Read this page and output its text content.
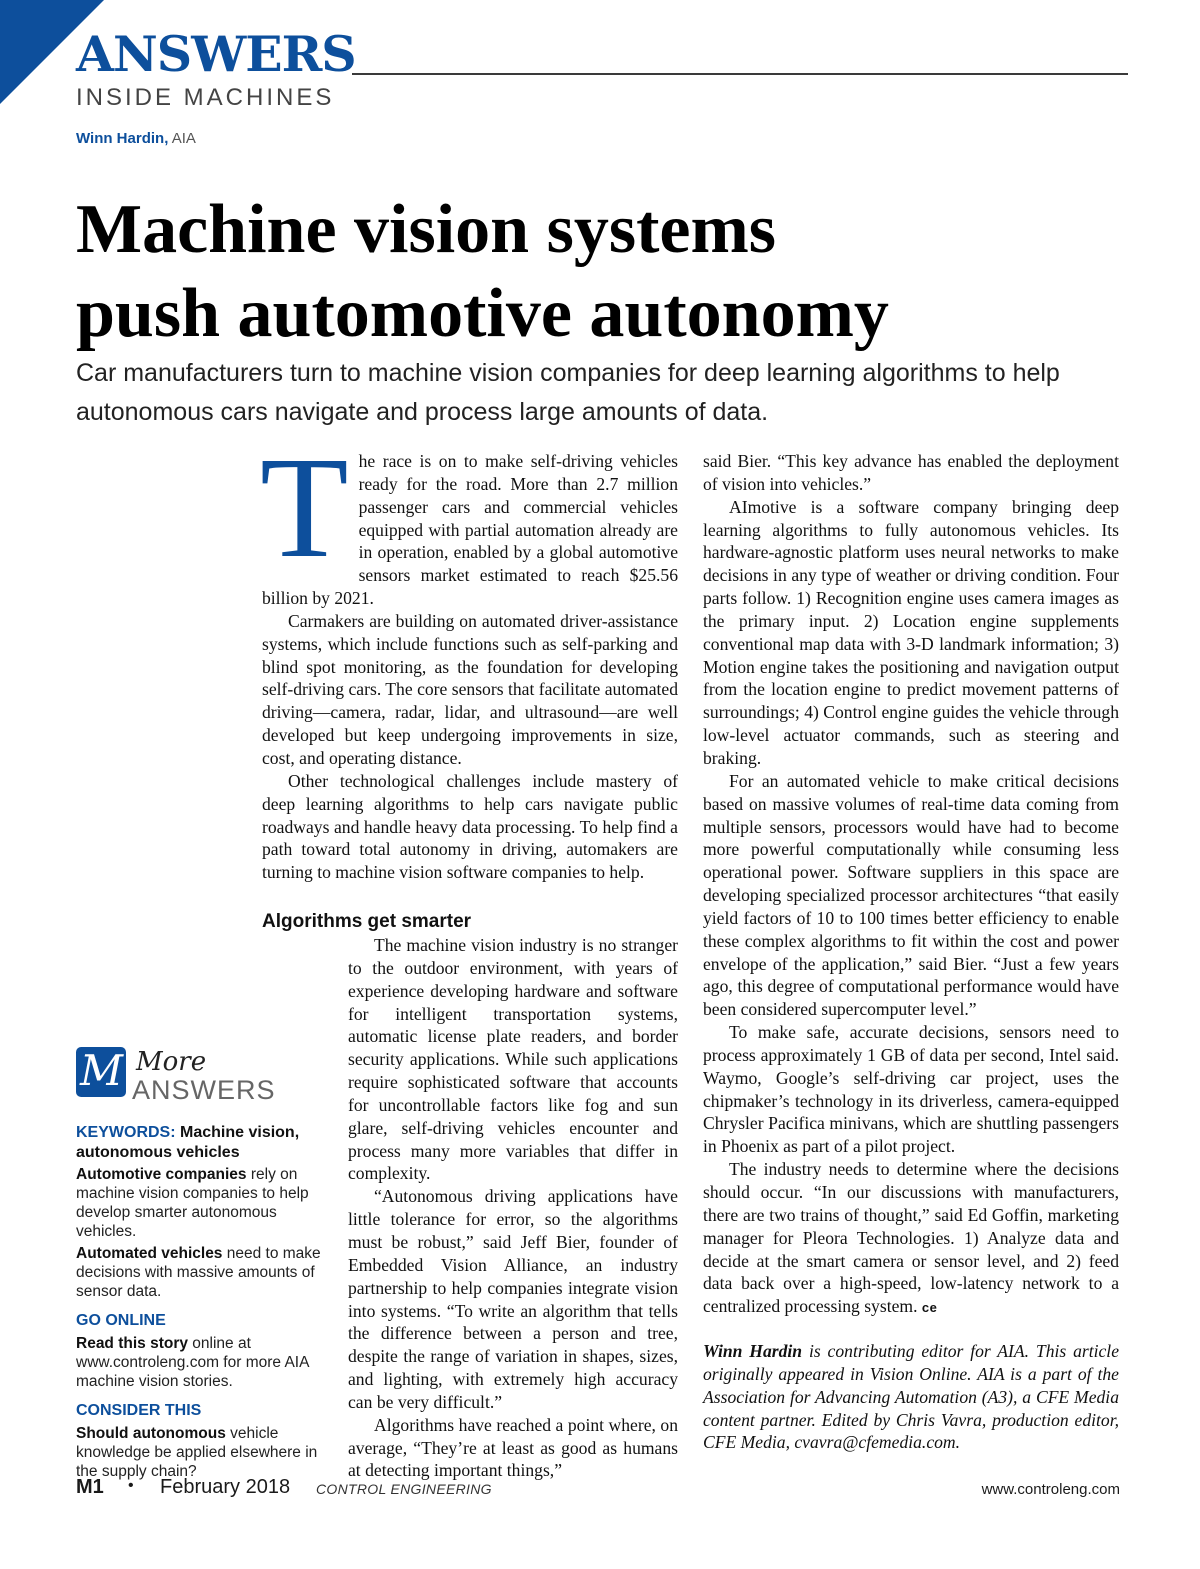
ANSWERS
INSIDE MACHINES
Winn Hardin, AIA
Machine vision systems
push automotive autonomy
Car manufacturers turn to machine vision companies for deep learning algorithms to help autonomous cars navigate and process large amounts of data.

The race is on to make self-driving vehicles ready for the road. More than 2.7 million passenger cars and commercial vehicles equipped with partial automation already are in operation, enabled by a global automotive sensors market estimated to reach $25.56 billion by 2021.

Carmakers are building on automated driver-assistance systems, which include functions such as self-parking and blind spot monitoring, as the foundation for developing self-driving cars. The core sensors that facilitate automated driving—camera, radar, lidar, and ultrasound—are well developed but keep undergoing improvements in size, cost, and operating distance.

Other technological challenges include mastery of deep learning algorithms to help cars navigate public roadways and handle heavy data processing. To help find a path toward total autonomy in driving, automakers are turning to machine vision software companies to help.

Algorithms get smarter

The machine vision industry is no stranger to the outdoor environment, with years of experience developing hardware and software for intelligent transportation systems, automatic license plate readers, and border security applications. While such applications require sophisticated software that accounts for uncontrollable factors like fog and sun glare, self-driving vehicles encounter and process many more variables that differ in complexity.

“Autonomous driving applications have little tolerance for error, so the algorithms must be robust,” said Jeff Bier, founder of Embedded Vision Alliance, an industry partnership to help companies integrate vision into systems. “To write an algorithm that tells the difference between a person and tree, despite the range of variation in shapes, sizes, and lighting, with extremely high accuracy can be very difficult.”

Algorithms have reached a point where, on average, “They’re at least as good as humans at detecting important things,”

said Bier. “This key advance has enabled the deployment of vision into vehicles.”

AImotive is a software company bringing deep learning algorithms to fully autonomous vehicles. Its hardware-agnostic platform uses neural networks to make decisions in any type of weather or driving condition. Four parts follow. 1) Recognition engine uses camera images as the primary input. 2) Location engine supplements conventional map data with 3-D landmark information; 3) Motion engine takes the positioning and navigation output from the location engine to predict movement patterns of surroundings; 4) Control engine guides the vehicle through low-level actuator commands, such as steering and braking.

For an automated vehicle to make critical decisions based on massive volumes of real-time data coming from multiple sensors, processors would have had to become more powerful computationally while consuming less operational power. Software suppliers in this space are developing specialized processor architectures “that easily yield factors of 10 to 100 times better efficiency to enable these complex algorithms to fit within the cost and power envelope of the application,” said Bier. “Just a few years ago, this degree of computational performance would have been considered supercomputer level.”

To make safe, accurate decisions, sensors need to process approximately 1 GB of data per second, Intel said. Waymo, Google’s self-driving car project, uses the chipmaker’s technology in its driverless, camera-equipped Chrysler Pacifica minivans, which are shuttling passengers in Phoenix as part of a pilot project.

The industry needs to determine where the decisions should occur. “In our discussions with manufacturers, there are two trains of thought,” said Ed Goffin, marketing manager for Pleora Technologies. 1) Analyze data and decide at the smart camera or sensor level, and 2) feed data back over a high-speed, low-latency network to a centralized processing system. ce

Winn Hardin is contributing editor for AIA. This article originally appeared in Vision Online. AIA is a part of the Association for Advancing Automation (A3), a CFE Media content partner. Edited by Chris Vavra, production editor, CFE Media, cvavra@cfemedia.com.

M More
ANSWERS
KEYWORDS: Machine vision, autonomous vehicles

Automotive companies rely on machine vision companies to help develop smarter autonomous vehicles.

Automated vehicles need to make decisions with massive amounts of sensor data.

GO ONLINE

Read this story online at www.controleng.com for more AIA machine vision stories.

CONSIDER THIS

Should autonomous vehicle knowledge be applied elsewhere in the supply chain?

M1 • February 2018 CONTROL ENGINEERING	www.controleng.com
